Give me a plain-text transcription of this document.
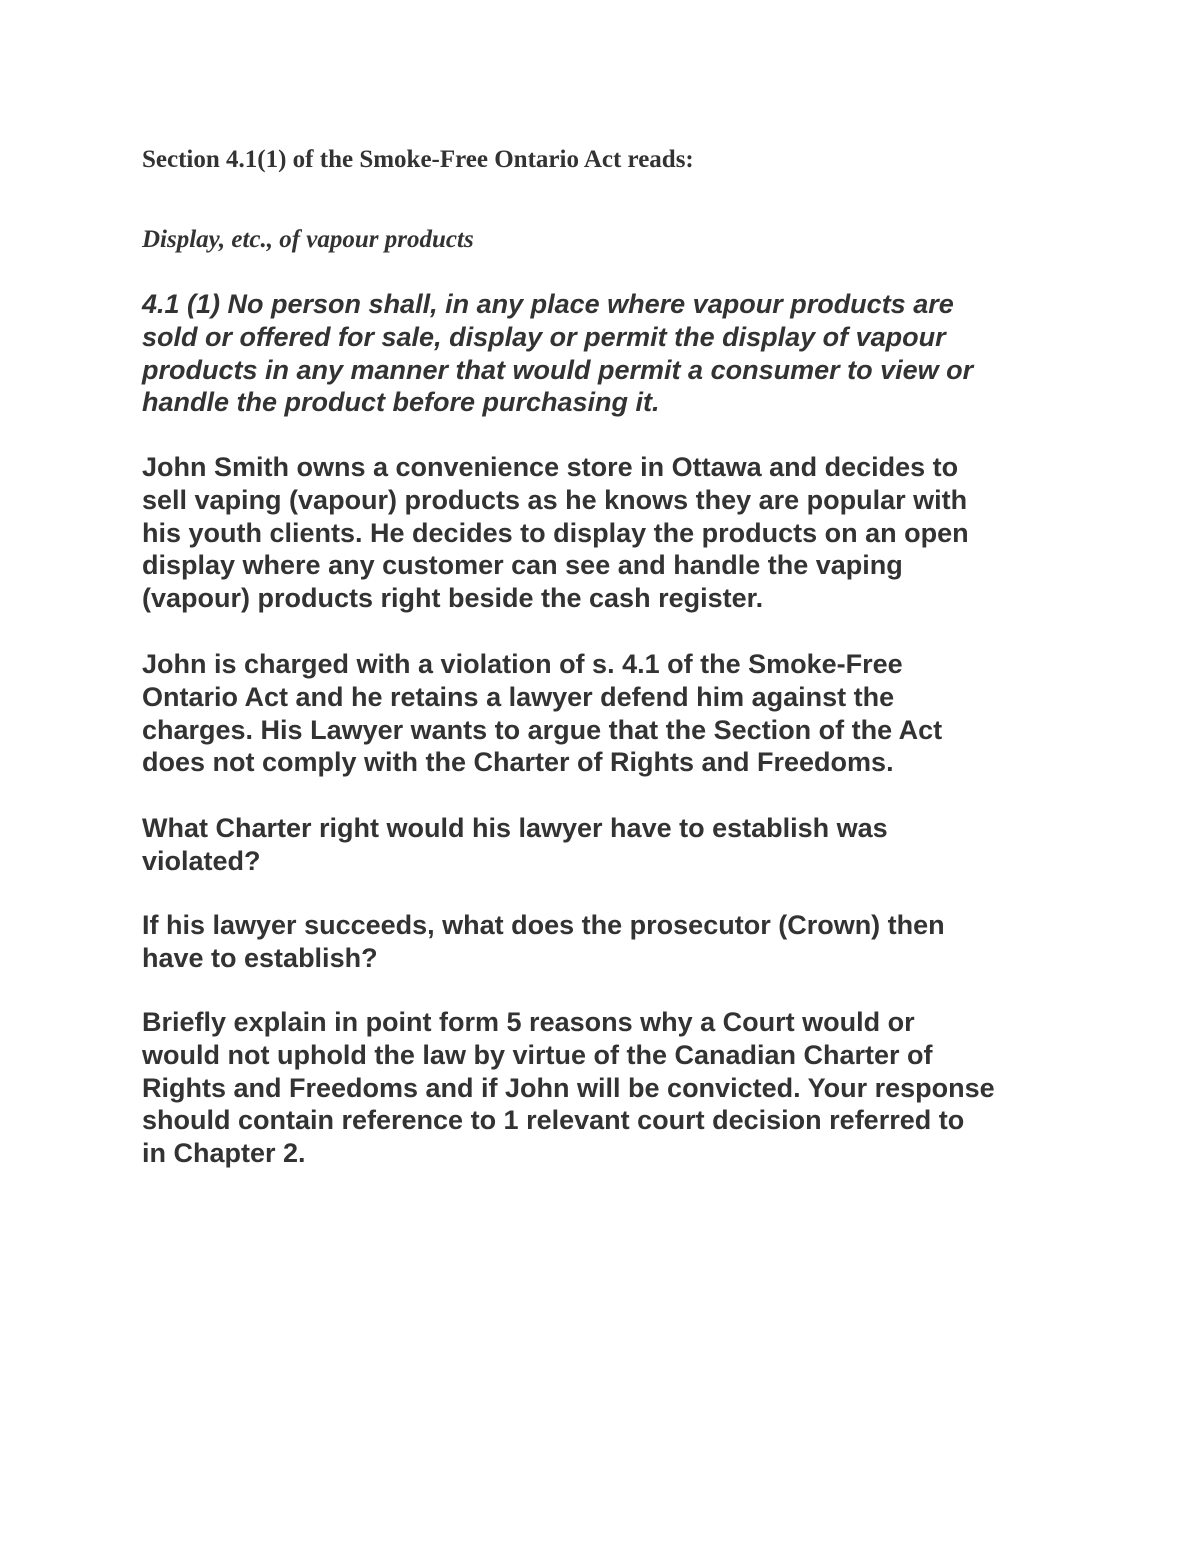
Section 4.1(1) of the Smoke-Free Ontario Act reads:
Display, etc., of vapour products

4.1 (1) No person shall, in any place where vapour products are
sold or offered for sale, display or permit the display of vapour
products in any manner that would permit a consumer to view or
handle the product before purchasing it.

John Smith owns a convenience store in Ottawa and decides to
sell vaping (vapour) products as he knows they are popular with
his youth clients. He decides to display the products on an open
display where any customer can see and handle the vaping
(vapour) products right beside the cash register.

John is charged with a violation of s. 4.1 of the Smoke-Free
Ontario Act and he retains a lawyer defend him against the
charges. His Lawyer wants to argue that the Section of the Act
does not comply with the Charter of Rights and Freedoms.

What Charter right would his lawyer have to establish was
violated?

If his lawyer succeeds, what does the prosecutor (Crown) then
have to establish?

Briefly explain in point form 5 reasons why a Court would or
would not uphold the law by virtue of the Canadian Charter of
Rights and Freedoms and if John will be convicted. Your response
should contain reference to 1 relevant court decision referred to
in Chapter 2.
